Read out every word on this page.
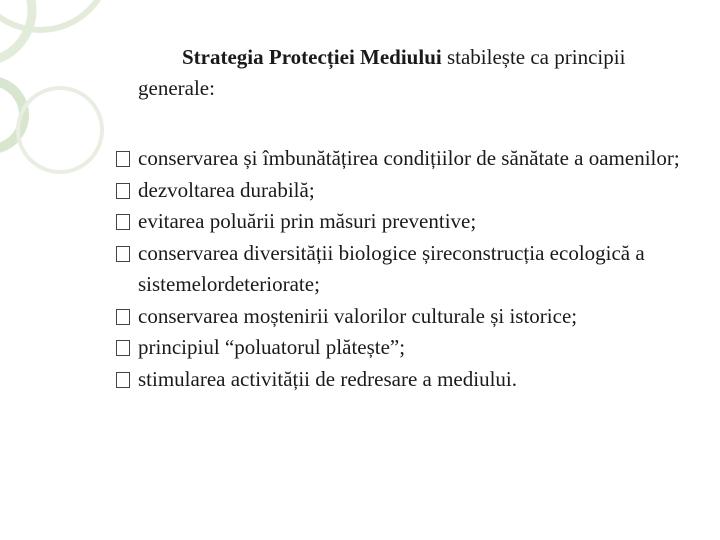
Strategia Protecției Mediului stabilește ca principii generale:
conservarea și îmbunătățirea condițiilor de sănătate a oamenilor;
dezvoltarea durabilă;
evitarea poluării prin măsuri preventive;
conservarea diversității biologice șireconstrucția ecologică a sistemelordeteriorate;
conservarea moștenirii valorilor culturale și istorice;
principiul “poluatorul plătește”;
stimularea activității de redresare a mediului.
